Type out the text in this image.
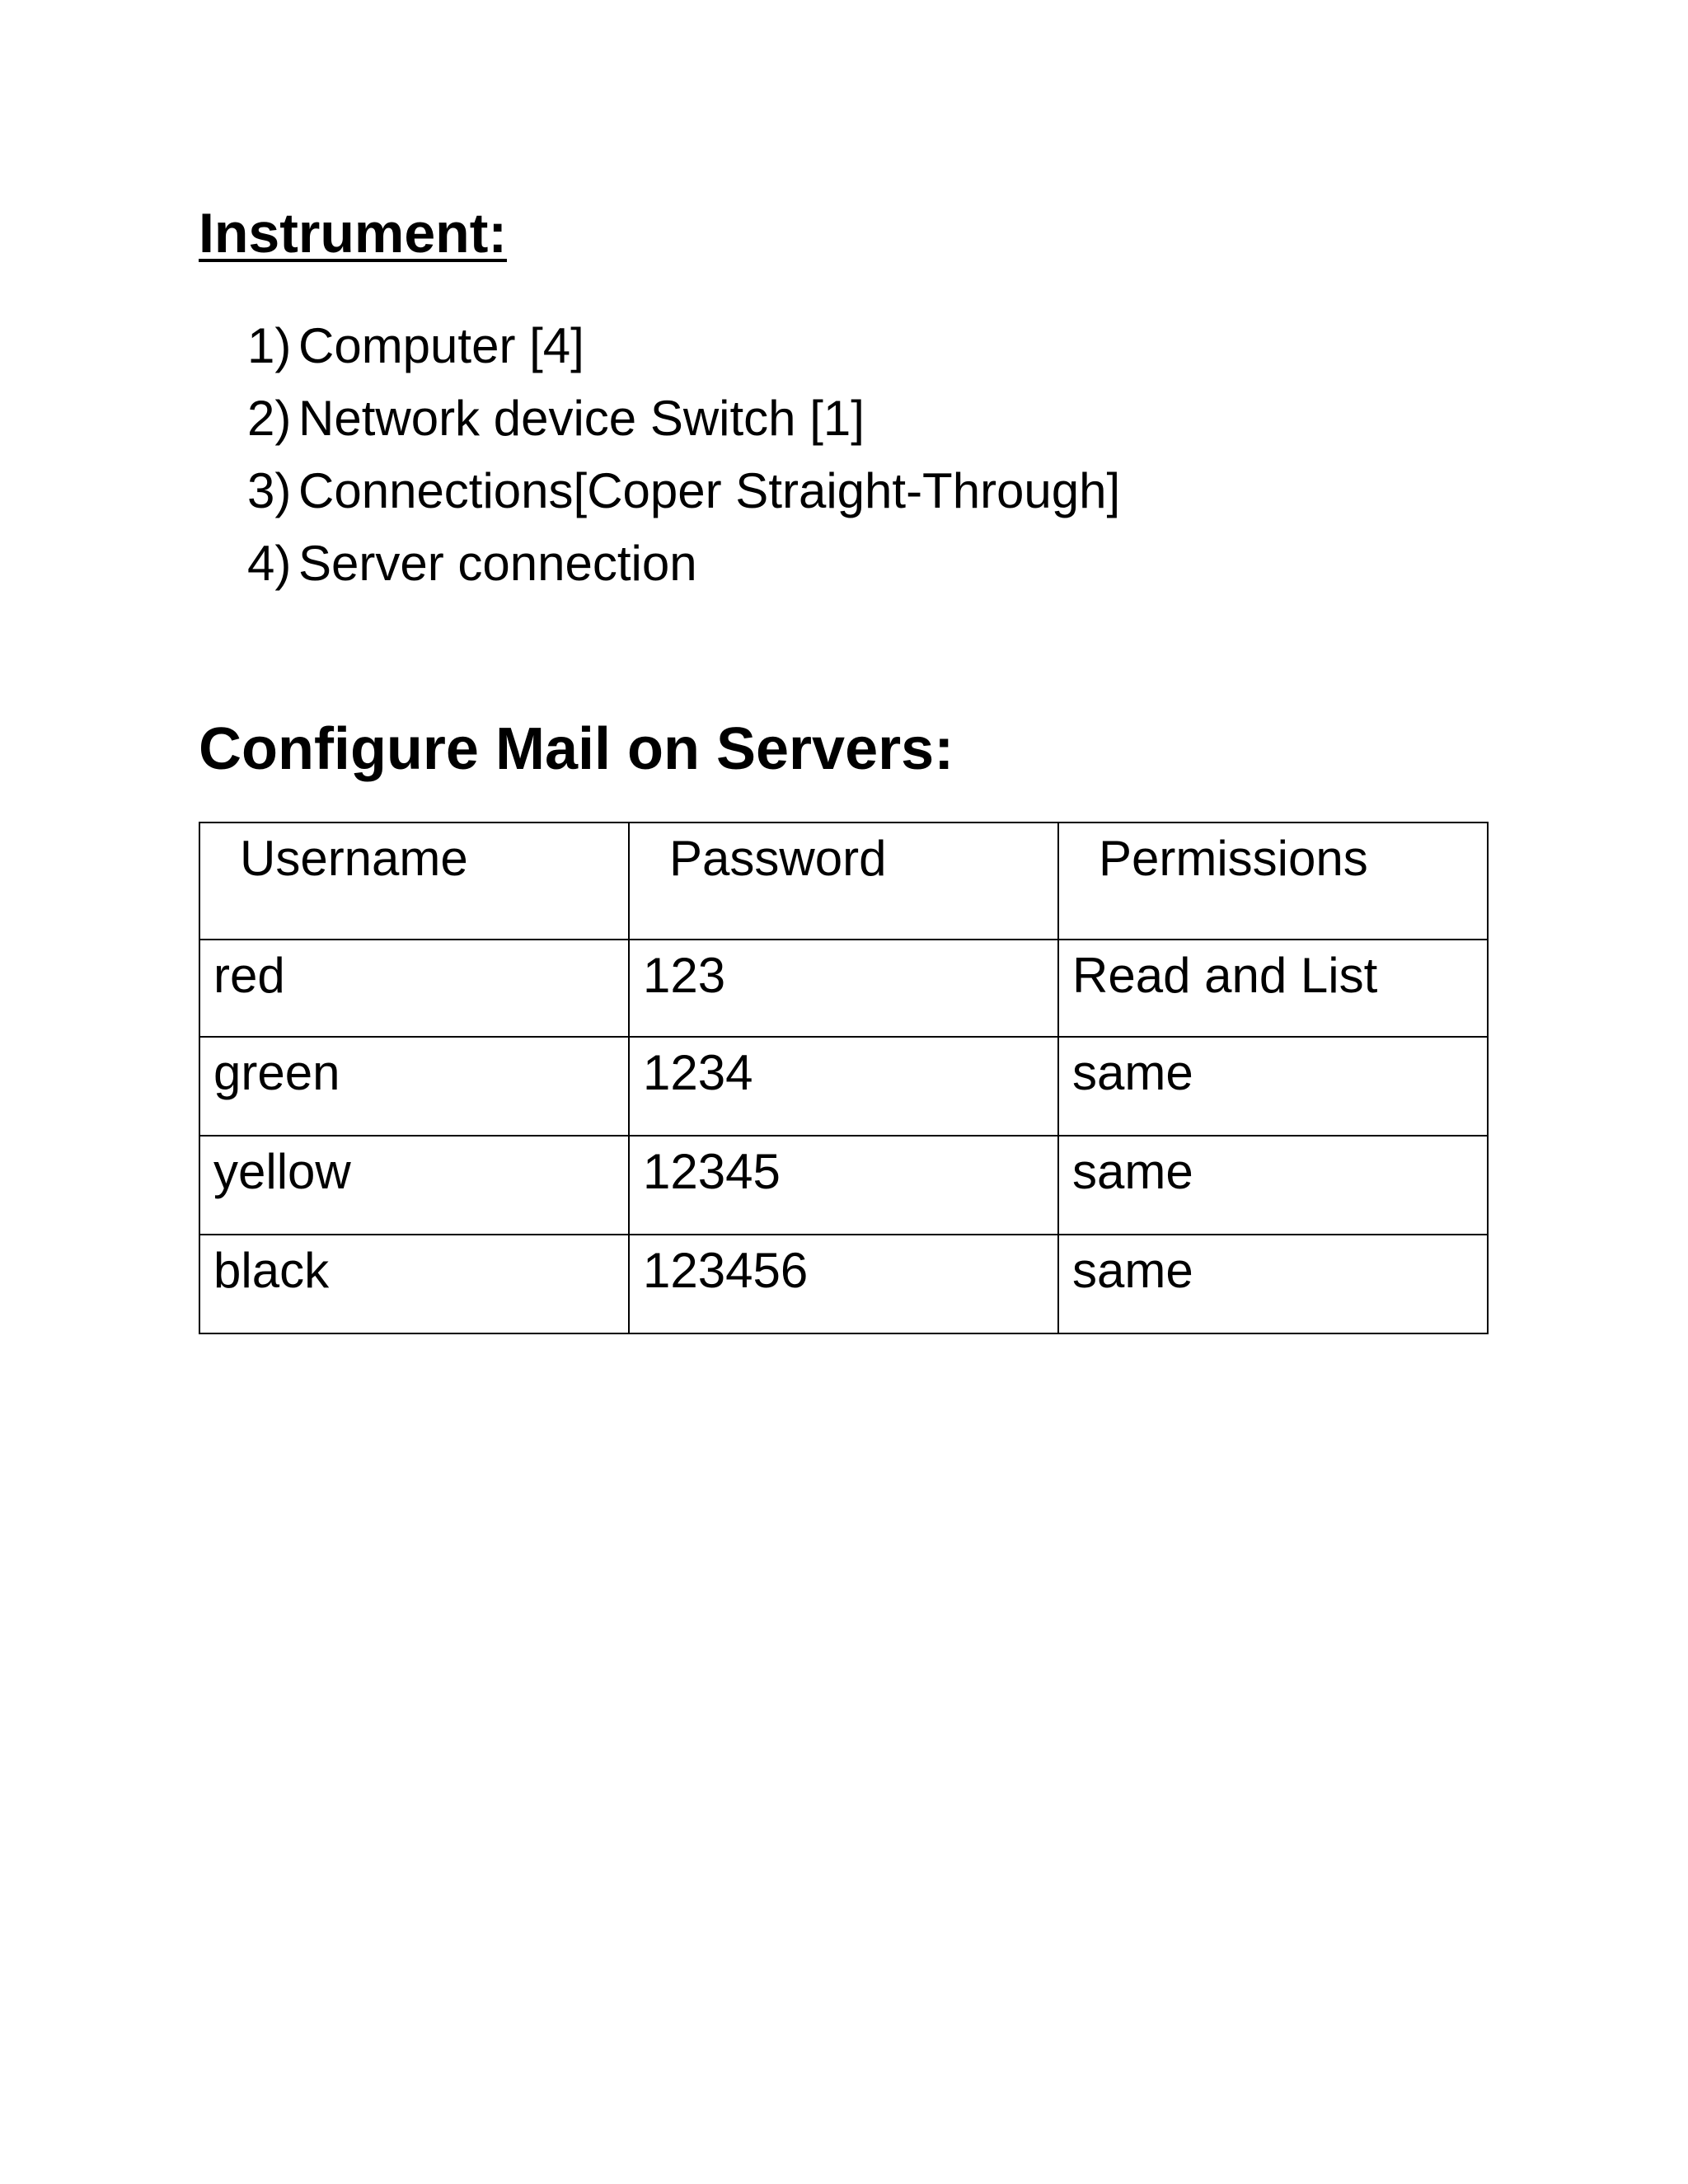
Instrument:
1) Computer [4]
2) Network device Switch [1]
3) Connections[Coper Straight-Through]
4) Server connection
Configure Mail on Servers:
Username	Password	Permissions
red	123	Read and List
green	1234	same
yellow	12345	same
black	123456	same
